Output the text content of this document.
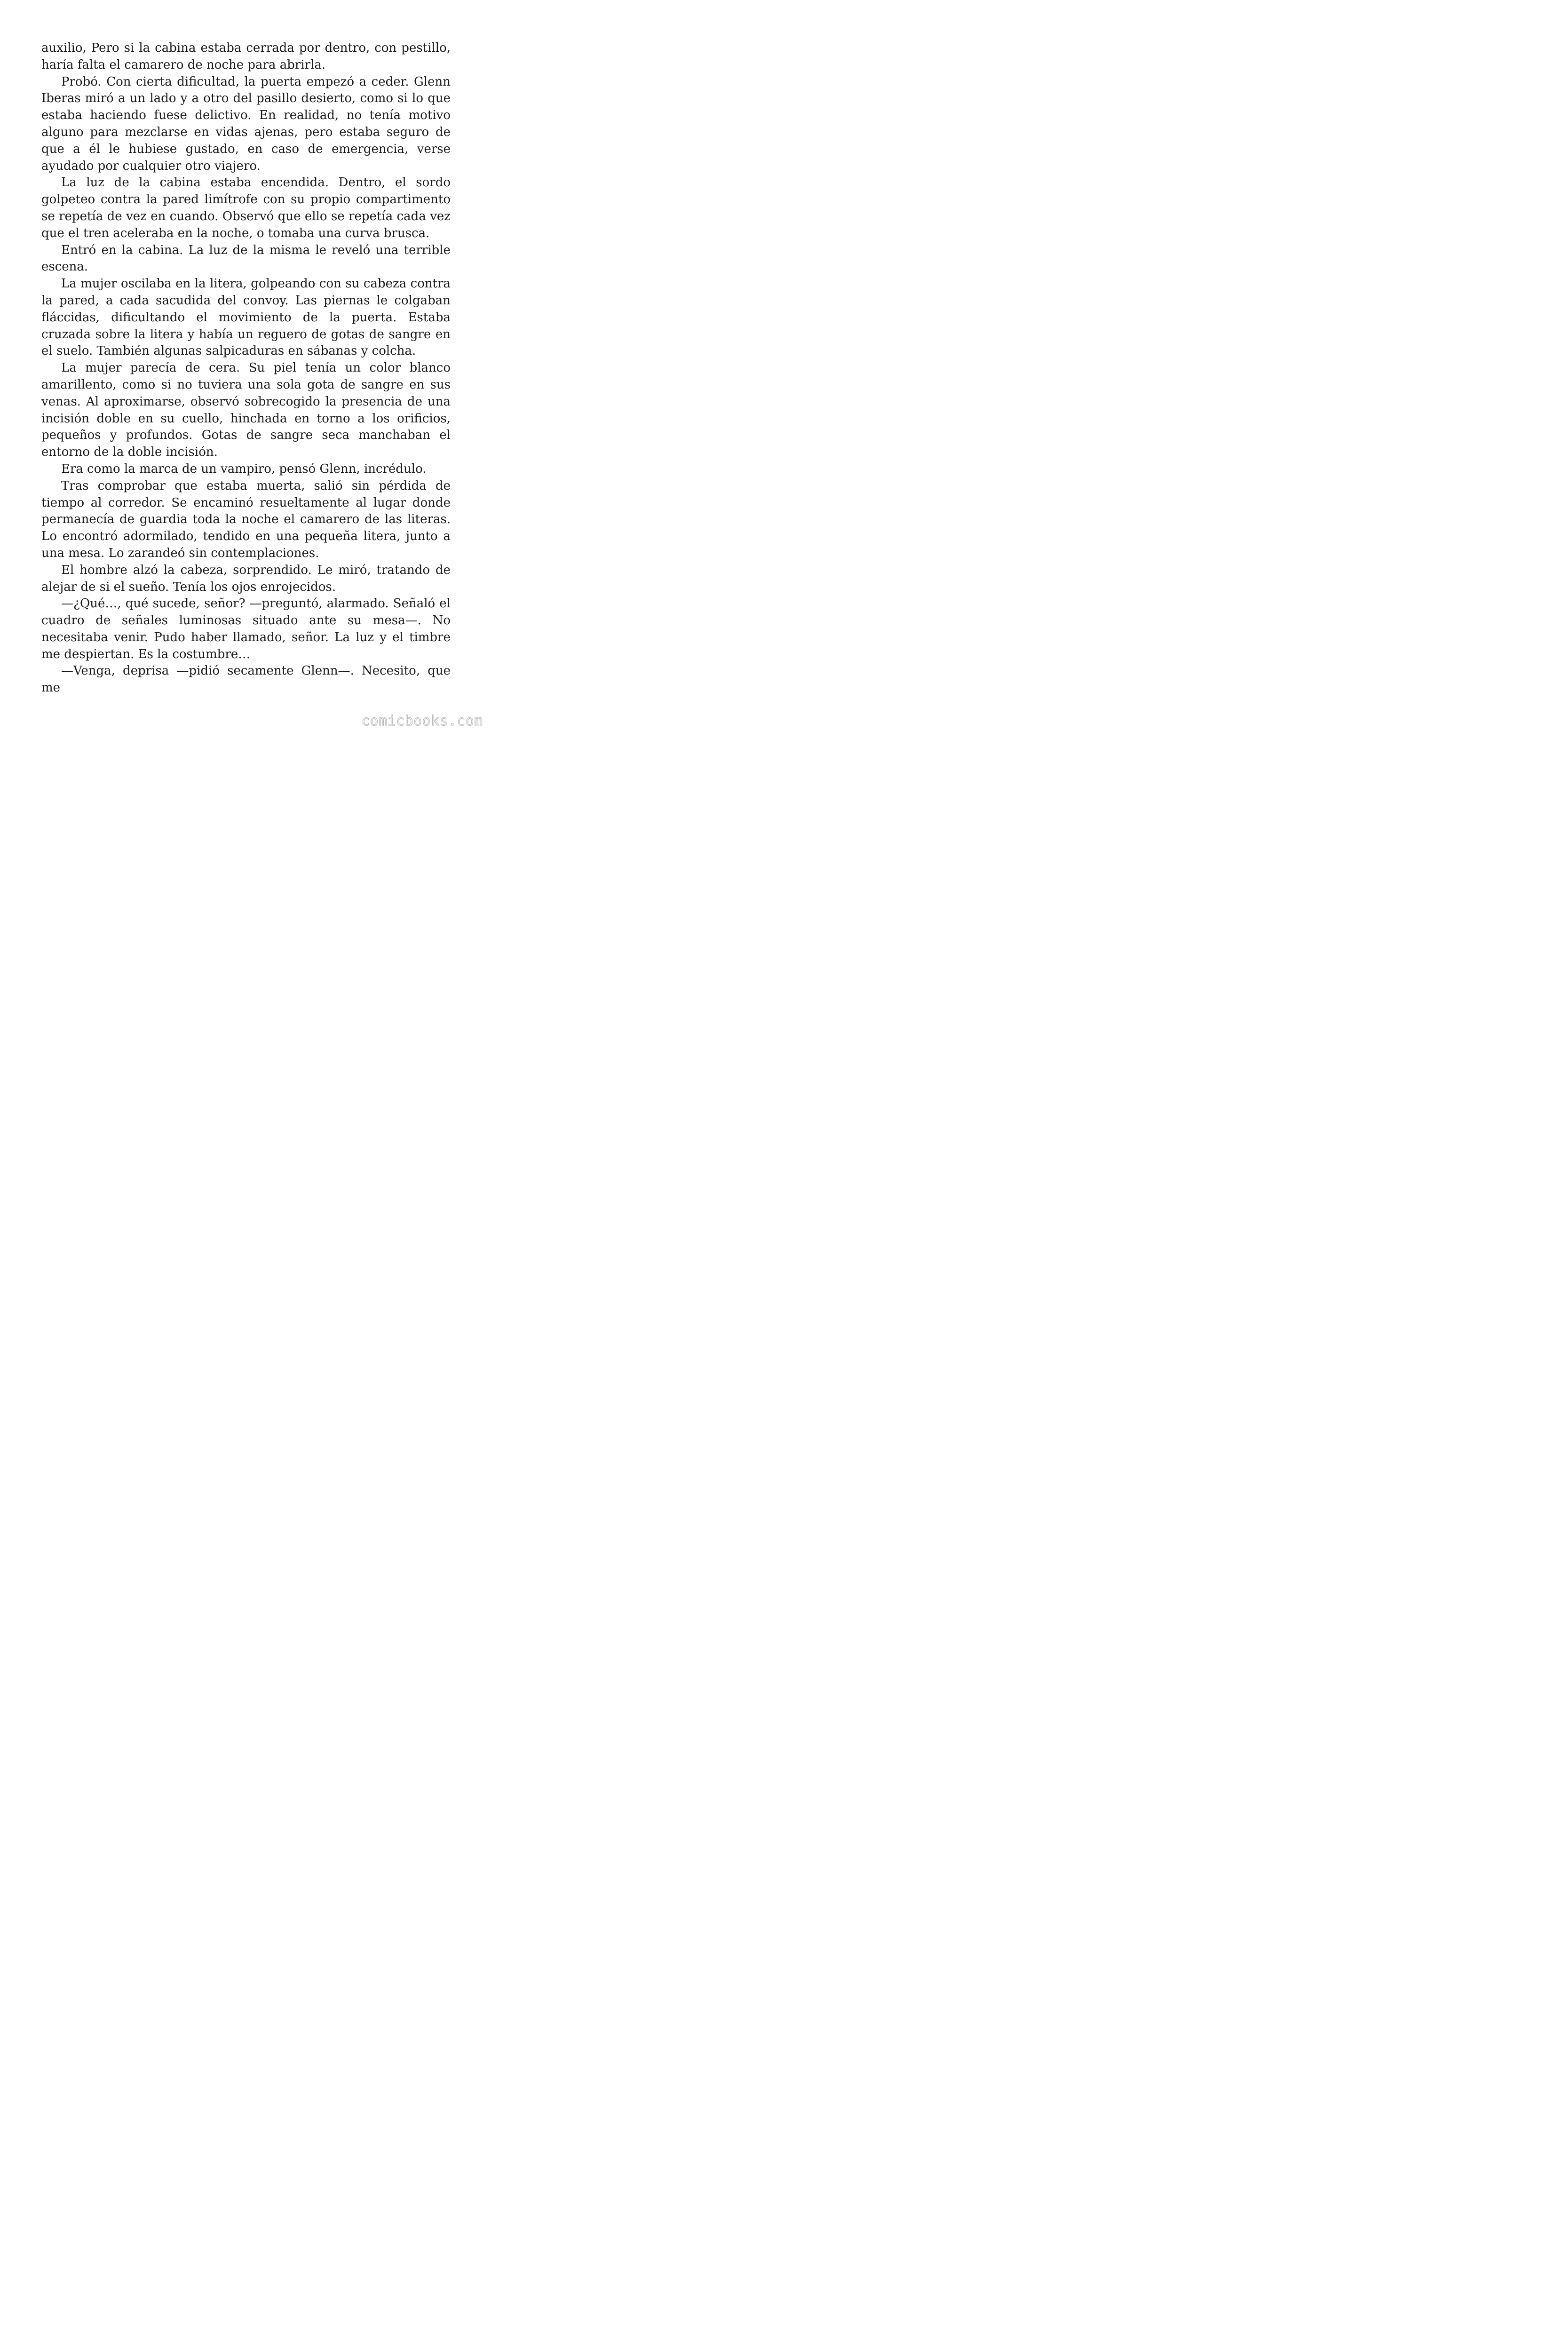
auxilio, Pero si la cabina estaba cerrada por dentro, con pestillo, haría falta el camarero de noche para abrirla.

Probó. Con cierta dificultad, la puerta empezó a ceder. Glenn Iberas miró a un lado y a otro del pasillo desierto, como si lo que estaba haciendo fuese delictivo. En realidad, no tenía motivo alguno para mezclarse en vidas ajenas, pero estaba seguro de que a él le hubiese gustado, en caso de emergencia, verse ayudado por cualquier otro viajero.

La luz de la cabina estaba encendida. Dentro, el sordo golpeteo contra la pared limítrofe con su propio compartimento se repetía de vez en cuando. Observó que ello se repetía cada vez que el tren aceleraba en la noche, o tomaba una curva brusca.

Entró en la cabina. La luz de la misma le reveló una terrible escena.

La mujer oscilaba en la litera, golpeando con su cabeza contra la pared, a cada sacudida del convoy. Las piernas le colgaban fláccidas, dificultando el movimiento de la puerta. Estaba cruzada sobre la litera y había un reguero de gotas de sangre en el suelo. También algunas salpicaduras en sábanas y colcha.

La mujer parecía de cera. Su piel tenía un color blanco amarillento, como si no tuviera una sola gota de sangre en sus venas. Al aproximarse, observó sobrecogido la presencia de una incisión doble en su cuello, hinchada en torno a los orificios, pequeños y profundos. Gotas de sangre seca manchaban el entorno de la doble incisión.

Era como la marca de un vampiro, pensó Glenn, incrédulo.

Tras comprobar que estaba muerta, salió sin pérdida de tiempo al corredor. Se encaminó resueltamente al lugar donde permanecía de guardia toda la noche el camarero de las literas. Lo encontró adormilado, tendido en una pequeña litera, junto a una mesa. Lo zarandeó sin contemplaciones.

El hombre alzó la cabeza, sorprendido. Le miró, tratando de alejar de si el sueño. Tenía los ojos enrojecidos.

—¿Qué…, qué sucede, señor? —preguntó, alarmado. Señaló el cuadro de señales luminosas situado ante su mesa—. No necesitaba venir. Pudo haber llamado, señor. La luz y el timbre me despiertan. Es la costumbre…

—Venga, deprisa —pidió secamente Glenn—. Necesito, que me

comicbooks.com
